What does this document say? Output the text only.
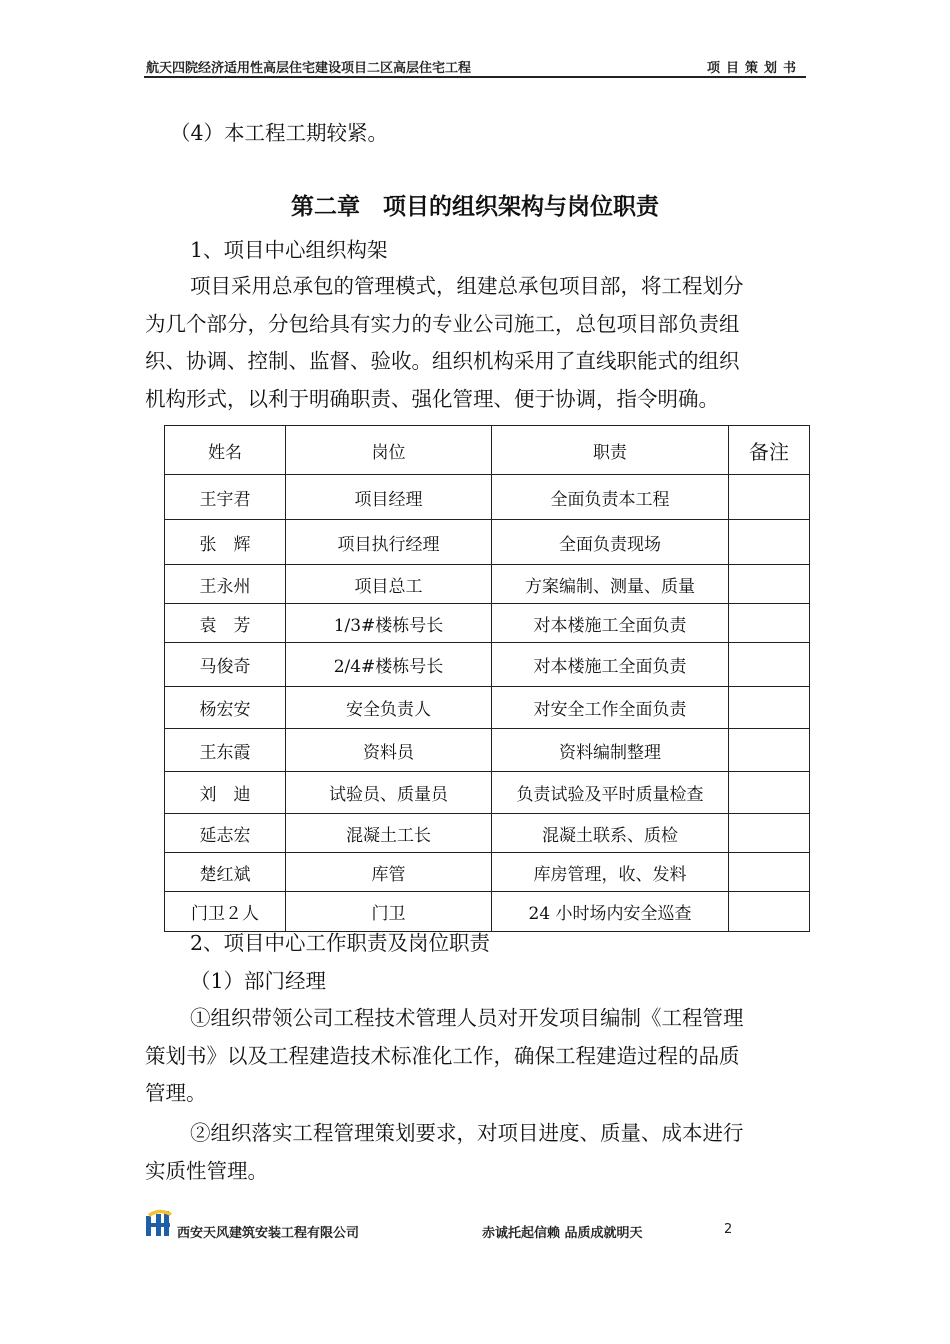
航天四院经济适用性高层住宅建设项目二区高层住宅工程	项目策划书
（4）本工程工期较紧。
第二章　项目的组织架构与岗位职责
1、项目中心组织构架
项目采用总承包的管理模式，组建总承包项目部，将工程划分
为几个部分，分包给具有实力的专业公司施工，总包项目部负责组
织、协调、控制、监督、验收。组织机构采用了直线职能式的组织
机构形式，以利于明确职责、强化管理、便于协调，指令明确。
姓名	岗位	职责	备注
王宇君	项目经理	全面负责本工程	
张　辉	项目执行经理	全面负责现场	
王永州	项目总工	方案编制、测量、质量	
袁　芳	1/3#楼栋号长	对本楼施工全面负责	
马俊奇	2/4#楼栋号长	对本楼施工全面负责	
杨宏安	安全负责人	对安全工作全面负责	
王东霞	资料员	资料编制整理	
刘　迪	试验员、质量员	负责试验及平时质量检查	
延志宏	混凝土工长	混凝土联系、质检	
楚红斌	库管	库房管理，收、发料	
门卫２人	门卫	24 小时场内安全巡查	
2、项目中心工作职责及岗位职责
（1）部门经理
①组织带领公司工程技术管理人员对开发项目编制《工程管理
策划书》以及工程建造技术标准化工作，确保工程建造过程的品质
管理。
②组织落实工程管理策划要求，对项目进度、质量、成本进行
实质性管理。
西安天风建筑安装工程有限公司	赤诚托起信赖 品质成就明天	2
